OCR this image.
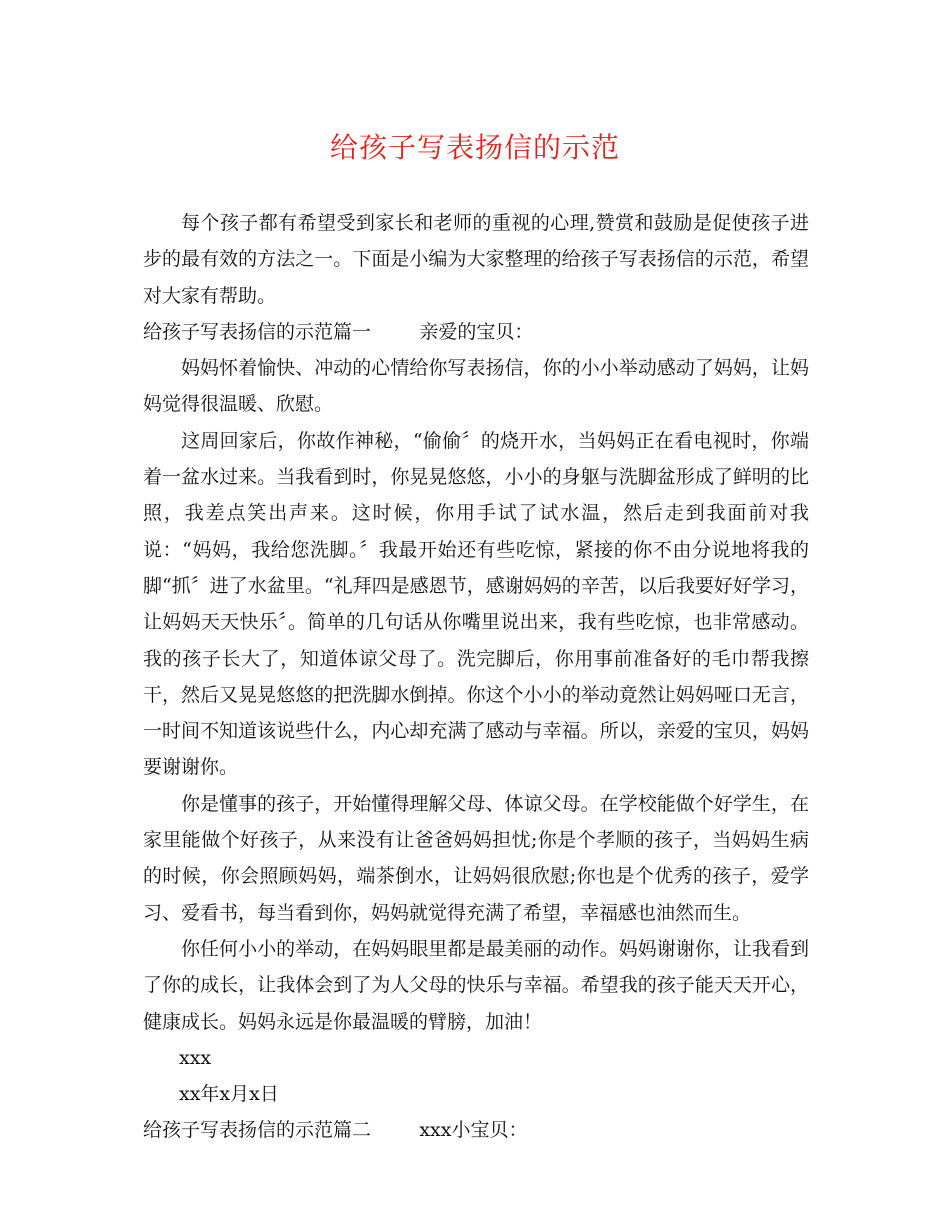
给孩子写表扬信的示范

每个孩子都有希望受到家长和老师的重视的心理,赞赏和鼓励是促使孩子进步的最有效的方法之一。下面是小编为大家整理的给孩子写表扬信的示范，希望对大家有帮助。

给孩子写表扬信的示范篇一	亲爱的宝贝：

妈妈怀着愉快、冲动的心情给你写表扬信，你的小小举动感动了妈妈，让妈妈觉得很温暖、欣慰。

这周回家后，你故作神秘，“偷偷〞的烧开水，当妈妈正在看电视时，你端着一盆水过来。当我看到时，你晃晃悠悠，小小的身躯与洗脚盆形成了鲜明的比照，我差点笑出声来。这时候，你用手试了试水温，然后走到我面前对我说：“妈妈，我给您洗脚。〞我最开始还有些吃惊，紧接的你不由分说地将我的脚“抓〞进了水盆里。“礼拜四是感恩节，感谢妈妈的辛苦，以后我要好好学习，让妈妈天天快乐〞。简单的几句话从你嘴里说出来，我有些吃惊，也非常感动。我的孩子长大了，知道体谅父母了。洗完脚后，你用事前准备好的毛巾帮我擦干，然后又晃晃悠悠的把洗脚水倒掉。你这个小小的举动竟然让妈妈哑口无言，一时间不知道该说些什么，内心却充满了感动与幸福。所以，亲爱的宝贝，妈妈要谢谢你。

你是懂事的孩子，开始懂得理解父母、体谅父母。在学校能做个好学生，在家里能做个好孩子，从来没有让爸爸妈妈担忧;你是个孝顺的孩子，当妈妈生病的时候，你会照顾妈妈，端茶倒水，让妈妈很欣慰;你也是个优秀的孩子，爱学习、爱看书，每当看到你，妈妈就觉得充满了希望，幸福感也油然而生。

你任何小小的举动，在妈妈眼里都是最美丽的动作。妈妈谢谢你，让我看到了你的成长，让我体会到了为人父母的快乐与幸福。希望我的孩子能天天开心，健康成长。妈妈永远是你最温暖的臂膀，加油！

xxx

xx年x月x日

给孩子写表扬信的示范篇二	xxx小宝贝：
